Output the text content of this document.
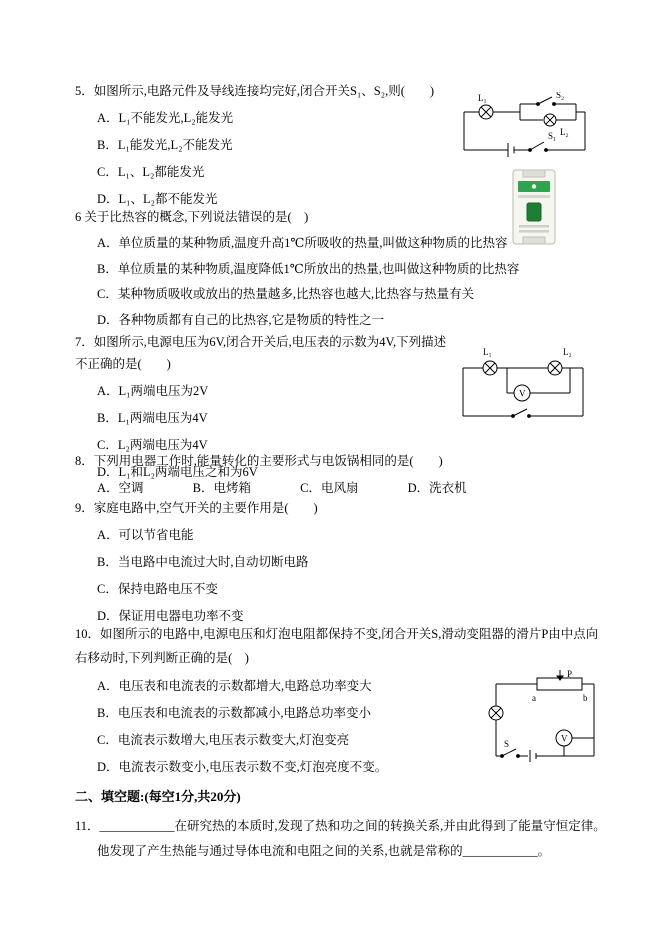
5．如图所示,电路元件及导线连接均完好,闭合开关S₁、S₂,则(　　)
A．L₁不能发光,L₂能发光
B．L₁能发光,L₂不能发光
C．L₁、L₂都能发光
D．L₁、L₂都不能发光
L₁	S₂
L₂
S₁
6 关于比热容的概念,下列说法错误的是(　)
A．单位质量的某种物质,温度升高1℃所吸收的热量,叫做这种物质的比热容
B．单位质量的某种物质,温度降低1℃所放出的热量,也叫做这种物质的比热容
C．某种物质吸收或放出的热量越多,比热容也越大,比热容与热量有关
D．各种物质都有自己的比热容,它是物质的特性之一
7．如图所示,电源电压为6V,闭合开关后,电压表的示数为4V,下列描述不正确的是(　　)
A．L₁两端电压为2V
B．L₁两端电压为4V
C．L₂两端电压为4V
D．L₁和L₂两端电压之和为6V
L₁	L₂
V
8．下列用电器工作时,能量转化的主要形式与电饭锅相同的是(　　)
A．空调	B．电烤箱	C．电风扇	D．洗衣机
9．家庭电路中,空气开关的主要作用是(　　)
A．可以节省电能
B．当电路中电流过大时,自动切断电路
C．保持电路电压不变
D．保证用电器电功率不变
10．如图所示的电路中,电源电压和灯泡电阻都保持不变,闭合开关S,滑动变阻器的滑片P由中点向右移动时,下列判断正确的是(　)
A．电压表和电流表的示数都增大,电路总功率变大
B．电压表和电流表的示数都减小,电路总功率变小
C．电流表示数增大,电压表示数变大,灯泡变亮
D．电流表示数变小,电压表示数不变,灯泡亮度不变。
P
a	b
S
V
二、填空题:(每空1分,共20分)
11．____________在研究热的本质时,发现了热和功之间的转换关系,并由此得到了能量守恒定律。
他发现了产生热能与通过导体电流和电阻之间的关系,也就是常称的____________。
